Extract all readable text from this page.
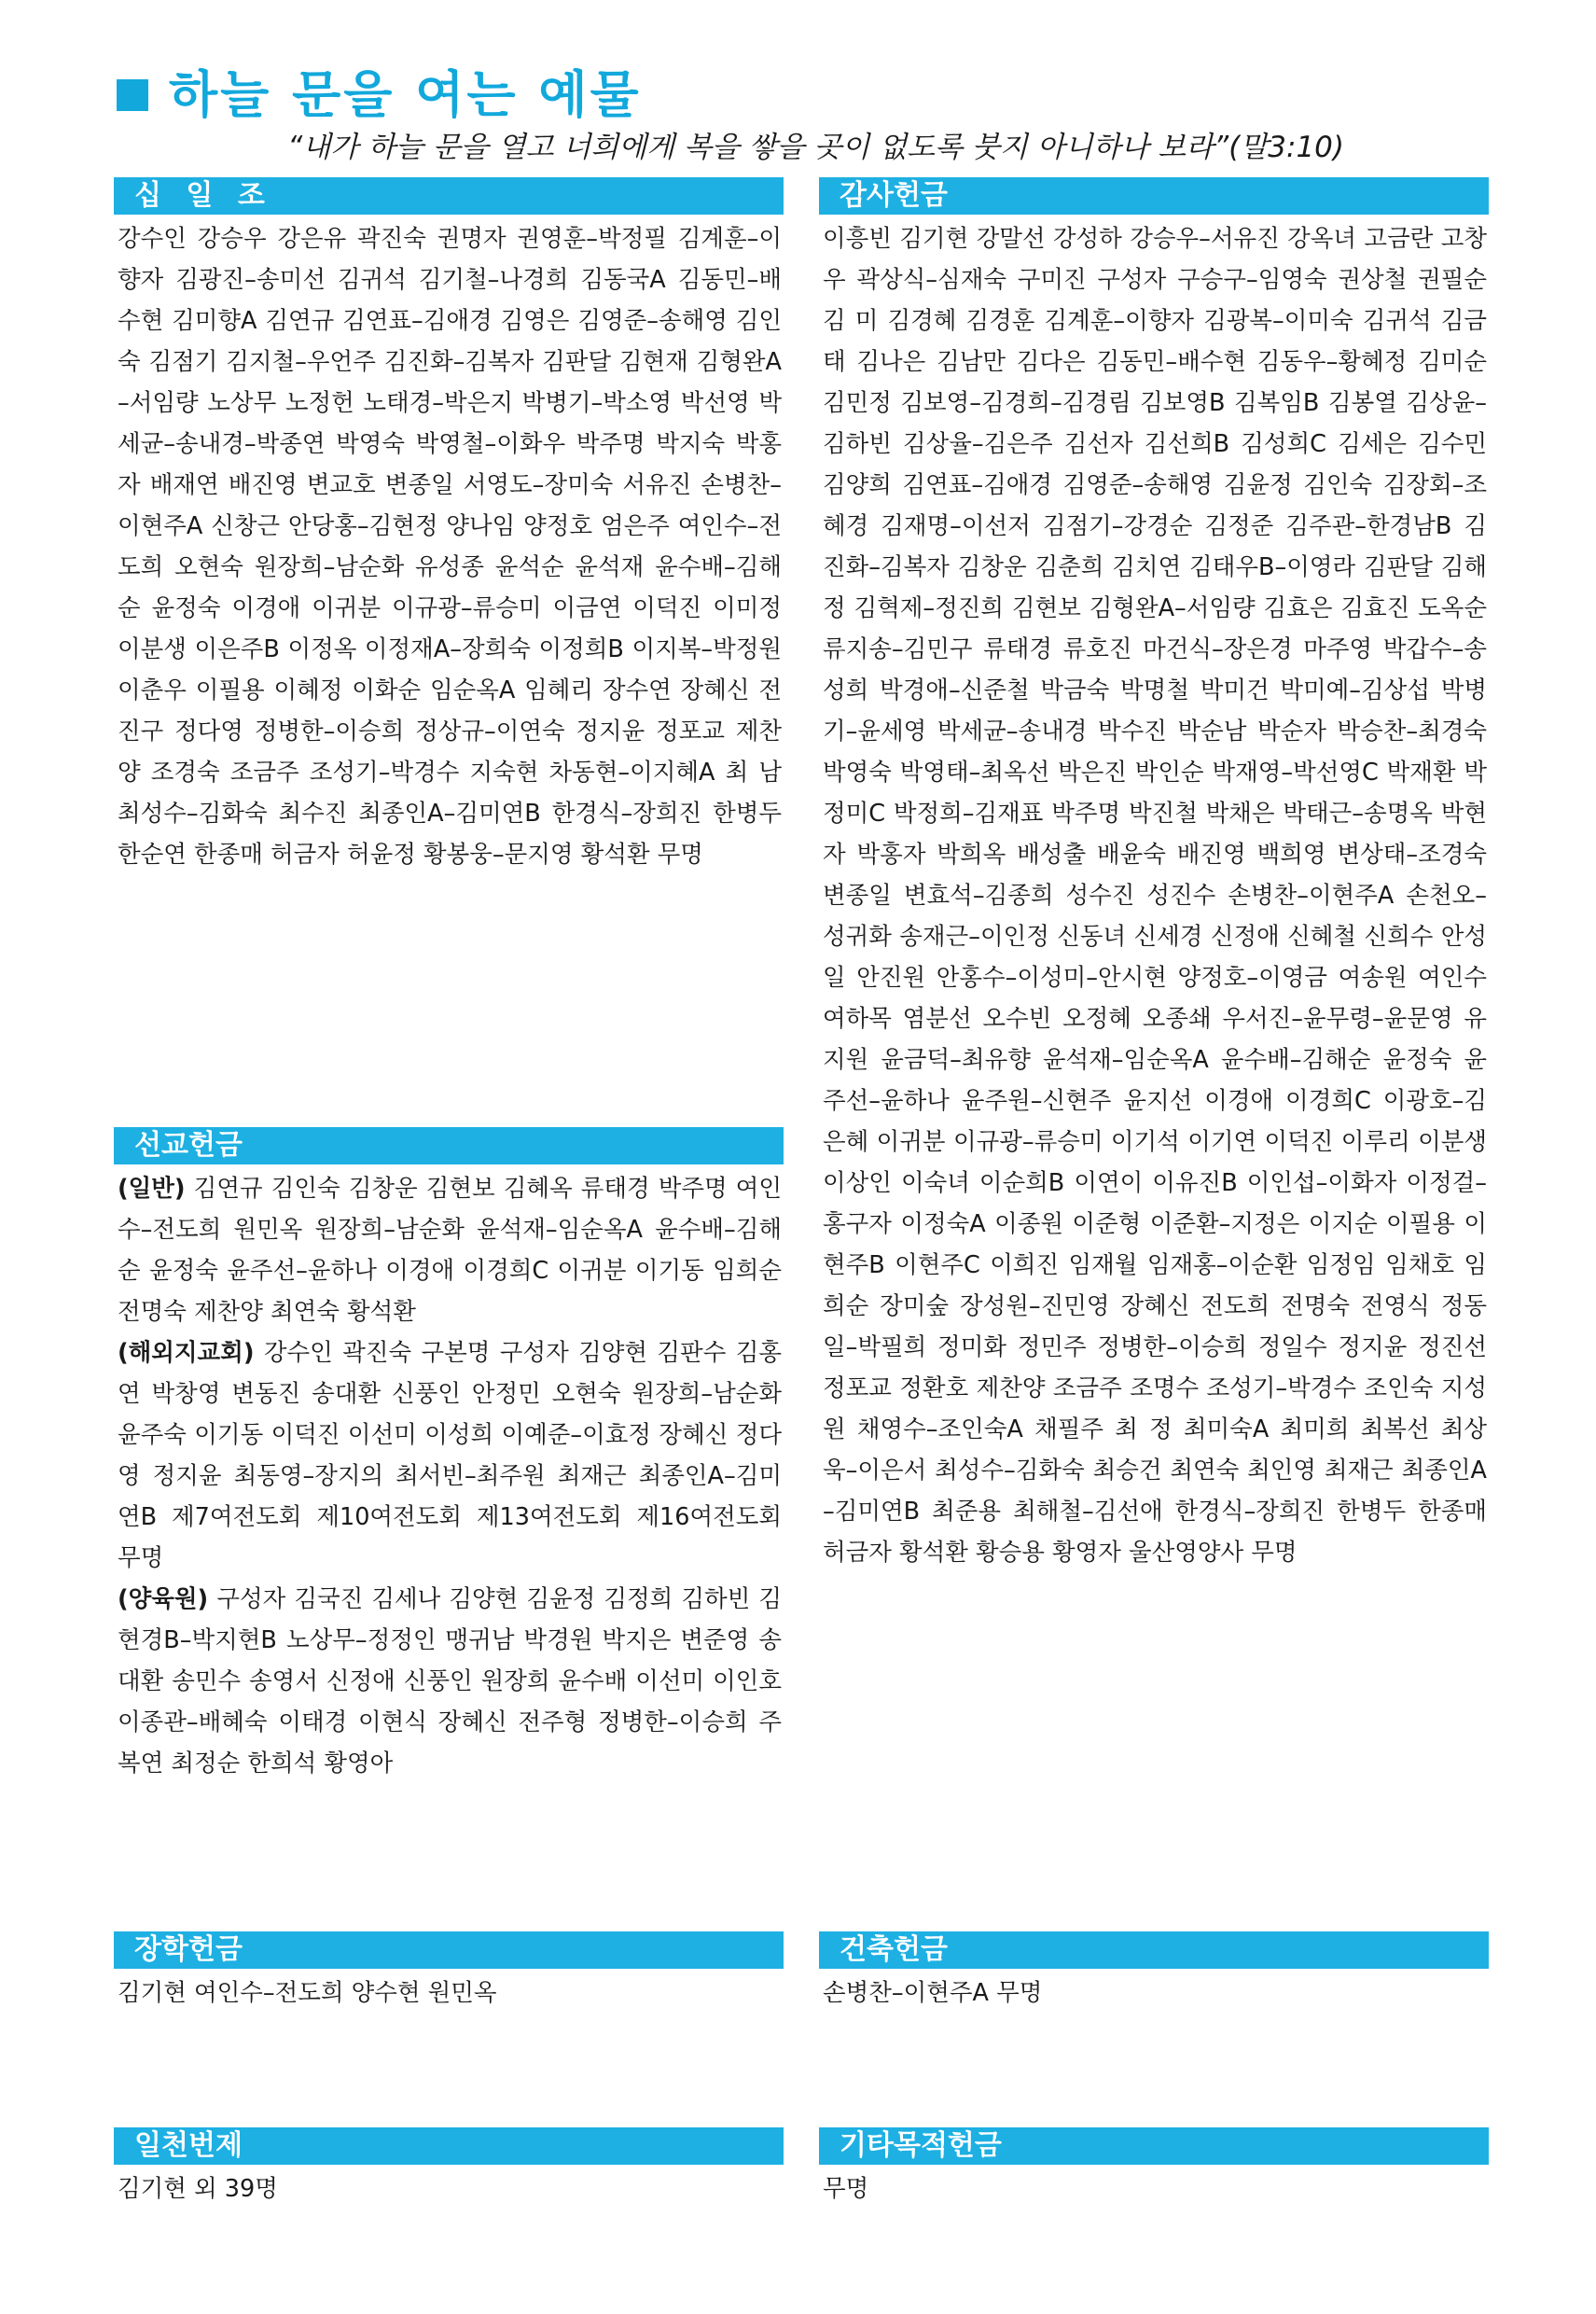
하늘 문을 여는 예물
“내가 하늘 문을 열고 너희에게 복을 쌓을 곳이 없도록 붓지 아니하나 보라”(말3:10)
십 일 조
강수인 강승우 강은유 곽진숙 권명자 권영훈–박정필 김계훈–이향자 김광진–송미선 김귀석 김기철–나경희 김동국A 김동민–배수현 김미향A 김연규 김연표–김애경 김영은 김영준–송해영 김인숙 김점기 김지철–우언주 김진화–김복자 김판달 김현재 김형완A–서임량 노상무 노정헌 노태경–박은지 박병기–박소영 박선영 박세균–송내경–박종연 박영숙 박영철–이화우 박주명 박지숙 박홍자 배재연 배진영 변교호 변종일 서영도–장미숙 서유진 손병찬–이현주A 신창근 안당홍–김현정 양나임 양정호 엄은주 여인수–전도희 오현숙 원장희–남순화 유성종 윤석순 윤석재 윤수배–김해순 윤정숙 이경애 이귀분 이규광–류승미 이금연 이덕진 이미정 이분생 이은주B 이정옥 이정재A–장희숙 이정희B 이지복–박정원 이춘우 이필용 이혜정 이화순 임순옥A 임혜리 장수연 장혜신 전진구 정다영 정병한–이승희 정상규–이연숙 정지윤 정포교 제찬양 조경숙 조금주 조성기–박경수 지숙현 차동현–이지혜A 최 남 최성수–김화숙 최수진 최종인A–김미연B 한경식–장희진 한병두 한순연 한종매 허금자 허윤정 황봉웅–문지영 황석환 무명
선교헌금

(일반) 김연규 김인숙 김창운 김현보 김혜옥 류태경 박주명 여인수–전도희 원민옥 원장희–남순화 윤석재–임순옥A 윤수배–김해순 윤정숙 윤주선–윤하나 이경애 이경희C 이귀분 이기동 임희순 전명숙 제찬양 최연숙 황석환

(해외지교회) 강수인 곽진숙 구본명 구성자 김양현 김판수 김홍연 박창영 변동진 송대환 신풍인 안정민 오현숙 원장희–남순화 윤주숙 이기동 이덕진 이선미 이성희 이예준–이효정 장혜신 정다영 정지윤 최동영–장지의 최서빈–최주원 최재근 최종인A–김미연B 제7여전도회 제10여전도회 제13여전도회 제16여전도회 무명

(양육원) 구성자 김국진 김세나 김양현 김윤정 김정희 김하빈 김현경B–박지현B 노상무–정정인 맹귀남 박경원 박지은 변준영 송대환 송민수 송영서 신정애 신풍인 원장희 윤수배 이선미 이인호 이종관–배혜숙 이태경 이현식 장혜신 전주형 정병한–이승희 주복연 최정순 한희석 황영아

장학헌금
김기현 여인수–전도희 양수현 원민옥
일천번제
김기현 외 39명
감사헌금
이흥빈 김기현 강말선 강성하 강승우–서유진 강옥녀 고금란 고창우 곽상식–심재숙 구미진 구성자 구승구–임영숙 권상철 권필순 김 미 김경혜 김경훈 김계훈–이향자 김광복–이미숙 김귀석 김금태 김나은 김남만 김다은 김동민–배수현 김동우–황혜정 김미순 김민정 김보영–김경희–김경림 김보영B 김복임B 김봉열 김상윤–김하빈 김상율–김은주 김선자 김선희B 김성희C 김세은 김수민 김양희 김연표–김애경 김영준–송해영 김윤정 김인숙 김장회–조혜경 김재명–이선저 김점기–강경순 김정준 김주관–한경남B 김진화–김복자 김창운 김춘희 김치연 김태우B–이영라 김판달 김해정 김혁제–정진희 김현보 김형완A–서임량 김효은 김효진 도옥순 류지송–김민구 류태경 류호진 마건식–장은경 마주영 박갑수–송성희 박경애–신준철 박금숙 박명철 박미건 박미예–김상섭 박병기–윤세영 박세균–송내경 박수진 박순남 박순자 박승찬–최경숙 박영숙 박영태–최옥선 박은진 박인순 박재영–박선영C 박재환 박정미C 박정희–김재표 박주명 박진철 박채은 박태근–송명옥 박현자 박홍자 박희옥 배성출 배윤숙 배진영 백희영 변상태–조경숙 변종일 변효석–김종희 성수진 성진수 손병찬–이현주A 손천오–성귀화 송재근–이인정 신동녀 신세경 신정애 신혜철 신희수 안성일 안진원 안홍수–이성미–안시현 양정호–이영금 여송원 여인수 여하목 염분선 오수빈 오정혜 오종쇄 우서진–윤무령–윤문영 유지원 윤금덕–최유향 윤석재–임순옥A 윤수배–김해순 윤정숙 윤주선–윤하나 윤주원–신현주 윤지선 이경애 이경희C 이광호–김은혜 이귀분 이규광–류승미 이기석 이기연 이덕진 이루리 이분생 이상인 이숙녀 이순희B 이연이 이유진B 이인섭–이화자 이정걸–홍구자 이정숙A 이종원 이준형 이준환–지정은 이지순 이필용 이현주B 이현주C 이희진 임재월 임재홍–이순환 임정임 임채호 임희순 장미숲 장성원–진민영 장혜신 전도희 전명숙 전영식 정동일–박필희 정미화 정민주 정병한–이승희 정일수 정지윤 정진선 정포교 정환호 제찬양 조금주 조명수 조성기–박경수 조인숙 지성원 채영수–조인숙A 채필주 최 정 최미숙A 최미희 최복선 최상욱–이은서 최성수–김화숙 최승건 최연숙 최인영 최재근 최종인A–김미연B 최준용 최해철–김선애 한경식–장희진 한병두 한종매 허금자 황석환 황승용 황영자 울산영양사 무명
건축헌금
손병찬–이현주A 무명
기타목적헌금
무명
